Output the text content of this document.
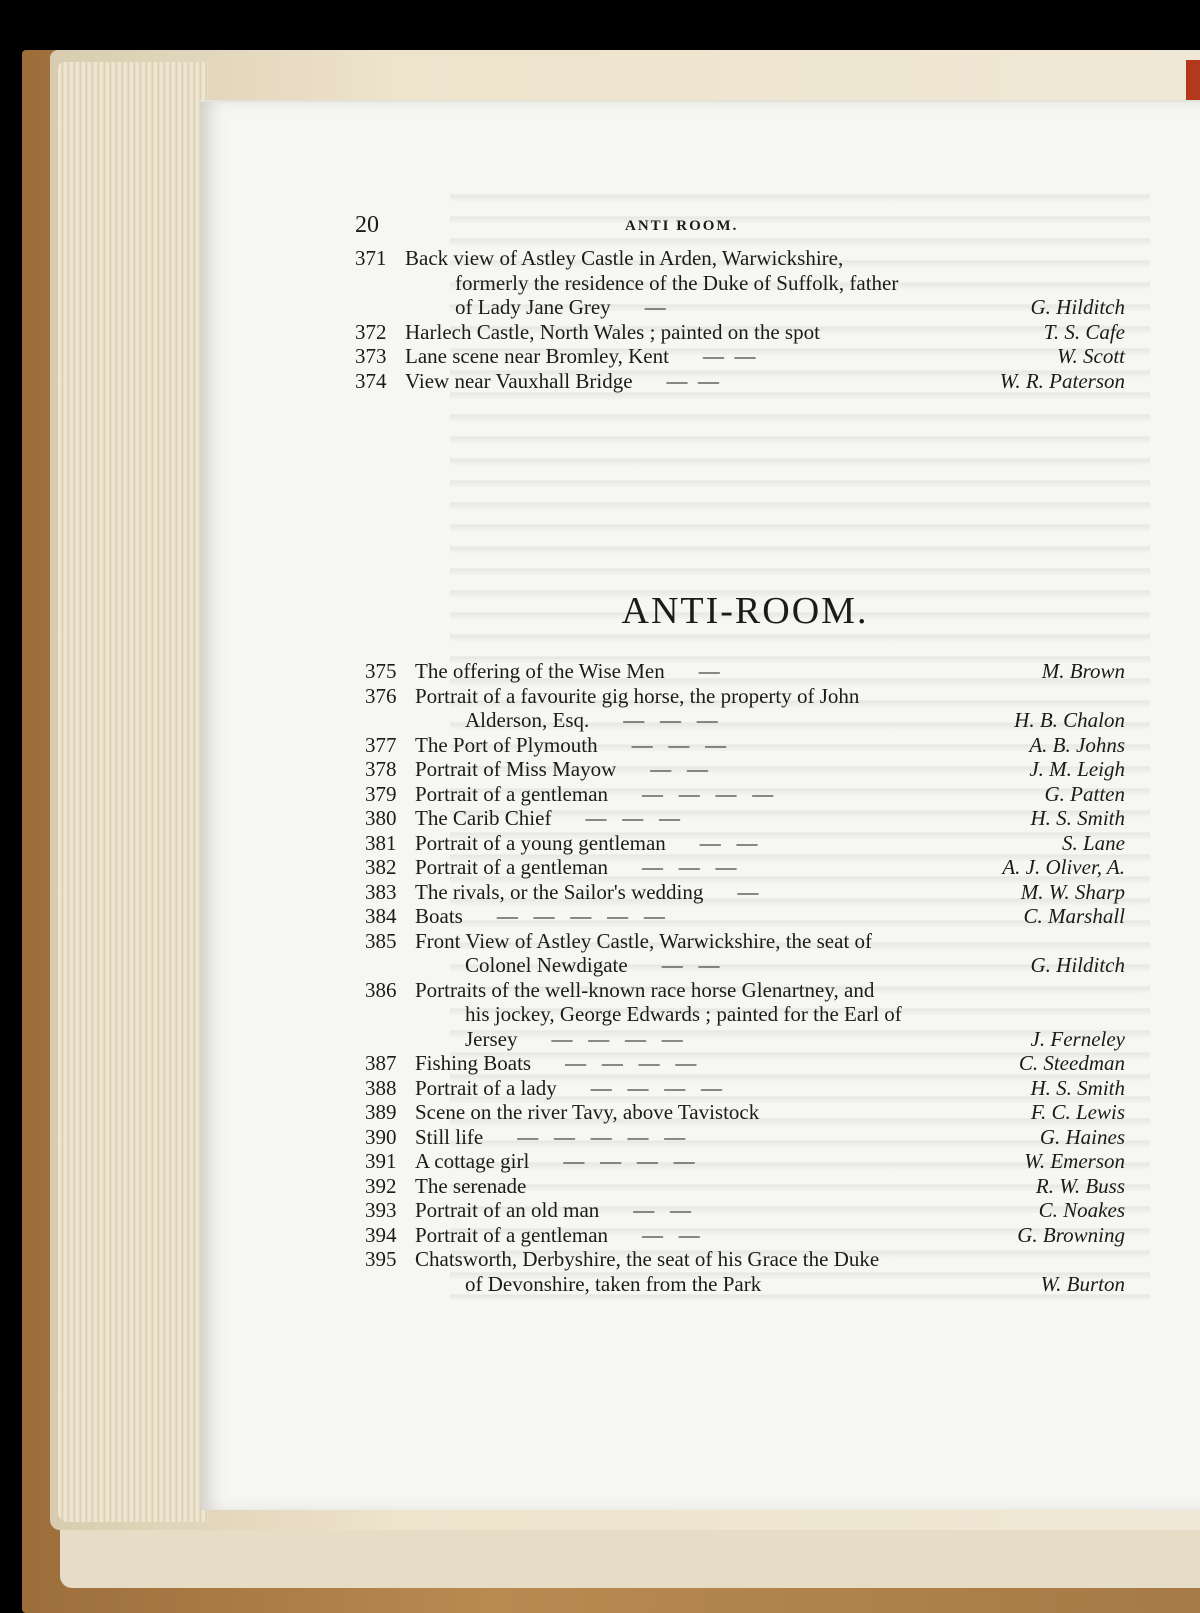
20	ANTI ROOM.
371 Back view of Astley Castle in Arden, Warwickshire,
formerly the residence of the Duke of Suffolk, father
of Lady Jane Grey —	G. Hilditch
372 Harlech Castle, North Wales ; painted on the spot	T. S. Cafe
373 Lane scene near Bromley, Kent —  —	W. Scott
374 View near Vauxhall Bridge —  —	W. R. Paterson
ANTI-ROOM.
375 The offering of the Wise Men —	M. Brown
376 Portrait of a favourite gig horse, the property of John
Alderson, Esq. —   —   —	H. B. Chalon
377 The Port of Plymouth —   —   —	A. B. Johns
378 Portrait of Miss Mayow —   —	J. M. Leigh
379 Portrait of a gentleman —   —   —   —	G. Patten
380 The Carib Chief —   —   —	H. S. Smith
381 Portrait of a young gentleman —   —	S. Lane
382 Portrait of a gentleman —   —   —	A. J. Oliver, A.
383 The rivals, or the Sailor's wedding —	M. W. Sharp
384 Boats —   —   —   —   —	C. Marshall
385 Front View of Astley Castle, Warwickshire, the seat of
Colonel Newdigate —   —	G. Hilditch
386 Portraits of the well-known race horse Glenartney, and
his jockey, George Edwards ; painted for the Earl of
Jersey —   —   —   —	J. Ferneley
387 Fishing Boats —   —   —   —	C. Steedman
388 Portrait of a lady —   —   —   —	H. S. Smith
389 Scene on the river Tavy, above Tavistock	F. C. Lewis
390 Still life —   —   —   —   —	G. Haines
391 A cottage girl —   —   —   —	W. Emerson
392 The serenade	R. W. Buss
393 Portrait of an old man —   —	C. Noakes
394 Portrait of a gentleman —   —	G. Browning
395 Chatsworth, Derbyshire, the seat of his Grace the Duke
of Devonshire, taken from the Park	W. Burton
